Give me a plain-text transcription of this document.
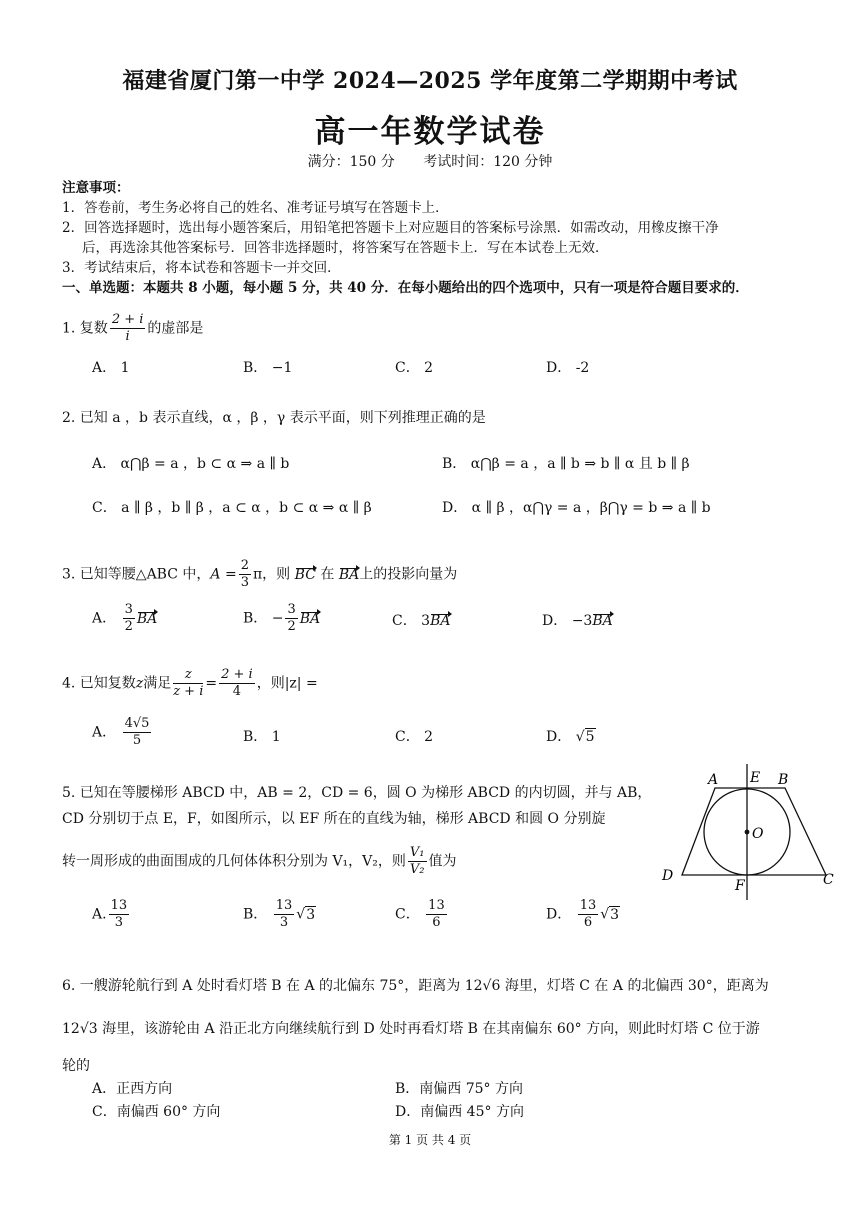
福建省厦门第一中学 2024—2025 学年度第二学期期中考试
高一年数学试卷
满分：150 分 考试时间：120 分钟
注意事项：
1．答卷前，考生务必将自己的姓名、准考证号填写在答题卡上．
2．回答选择题时，选出每小题答案后，用铅笔把答题卡上对应题目的答案标号涂黑．如需改动，用橡皮擦干净
后，再选涂其他答案标号．回答非选择题时，将答案写在答题卡上．写在本试卷上无效．
3．考试结束后，将本试卷和答题卡一并交回．
一、单选题：本题共 8 小题，每小题 5 分，共 40 分．在每小题给出的四个选项中，只有一项是符合题目要求的．
1. 复数 $\frac{2 + i}{i}$ 的虚部是
A． 1	B． −1	C． 2	D． -2
2. 已知 a ，b 表示直线，α ，β ，γ 表示平面，则下列推理正确的是
A． α⋂β = a ，b ⊂ α ⇒ a ∥ b	B． α⋂β = a ，a ∥ b ⇒ b ∥ α 且 b ∥ β
C． a ∥ β ，b ∥ β ，a ⊂ α ，b ⊂ α ⇒ α ∥ β	D． α ∥ β ，α⋂γ = a ，β⋂γ = b ⇒ a ∥ b
3. 已知等腰△ABC 中，$A = \frac{2}{3}$ π，则 BC 在 BA上的投影向量为
A． $\frac{3}{2}$ BA	B． − $\frac{3}{2}$ BA	C． 3BA	D． −3BA
4. 已知复数z满足 $\frac{z}{z + i} = \frac{2 + i}{4}$ ，则|z| =
A． $\frac{4√5}{5}$	B． 1	C． 2	D． √5
5. 已知在等腰梯形 ABCD 中，AB = 2，CD = 6，圆 O 为梯形 ABCD 的内切圆，并与 AB，
CD 分别切于点 E，F，如图所示，以 EF 所在的直线为轴，梯形 ABCD 和圆 O 分别旋
转一周形成的曲面围成的几何体体积分别为 V₁，V₂，则 $\frac{\text{V₁}}{\text{V₂}}$ 值为
A. $\frac{13}{3}$	B． $\frac{13}{3} √3$	C． $\frac{13}{6}$	D． $\frac{13}{6} √3$
A E B
O
D
F	C
6. 一艘游轮航行到 A 处时看灯塔 B 在 A 的北偏东 75°，距离为 12√6 海里，灯塔 C 在 A 的北偏西 30°，距离为
12√3 海里，该游轮由 A 沿正北方向继续航行到 D 处时再看灯塔 B 在其南偏东 60° 方向，则此时灯塔 C 位于游
轮的
A．正西方向	B．南偏西 75° 方向
C．南偏西 60° 方向	D．南偏西 45° 方向
第 1 页 共 4 页
